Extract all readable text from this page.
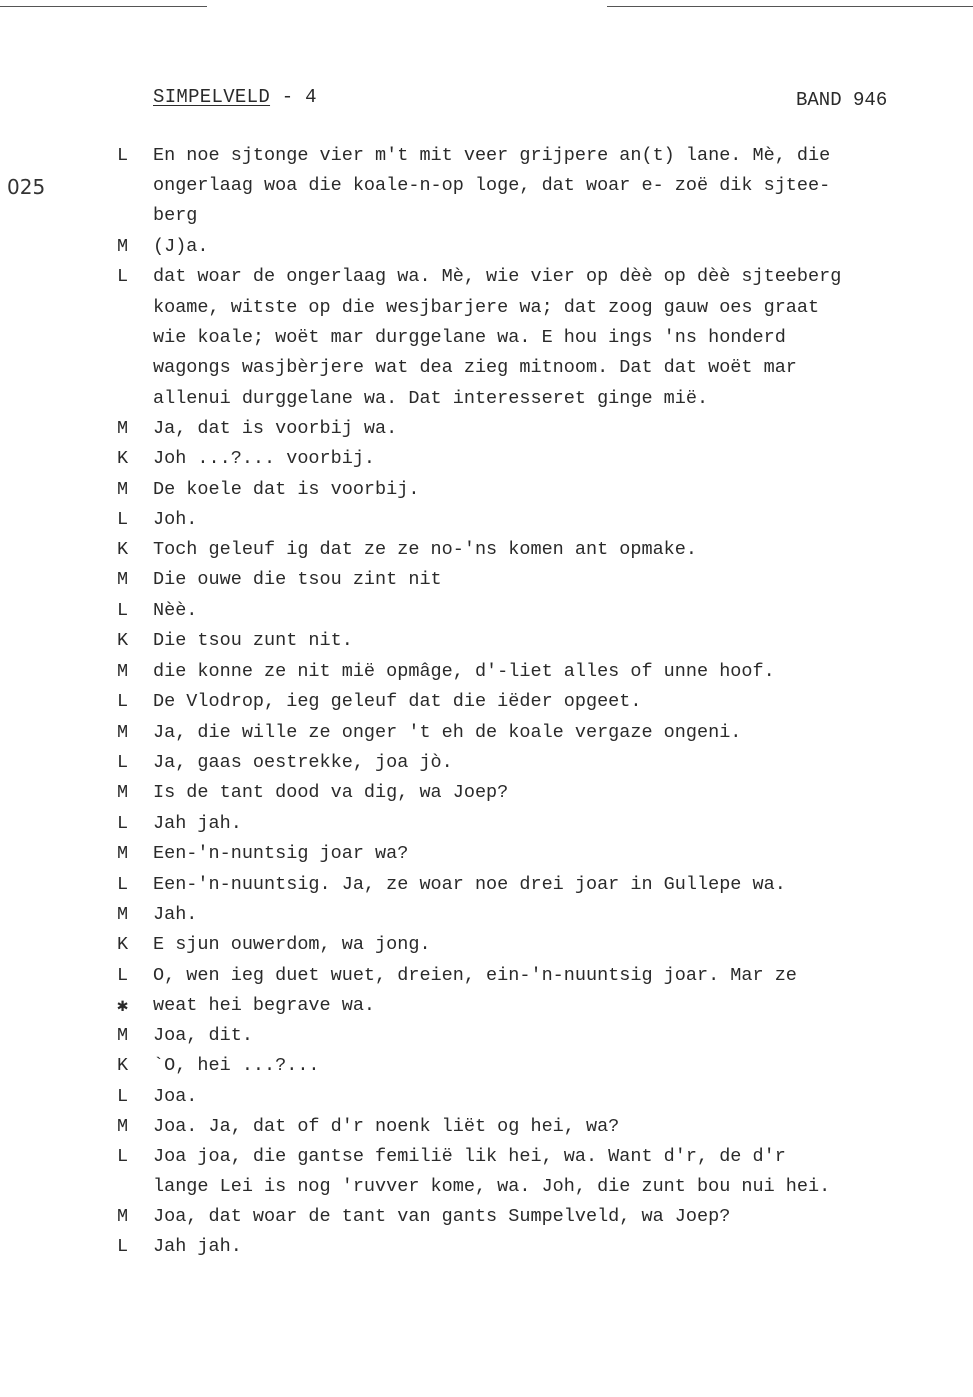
SIMPELVELD - 4	BAND 946
025
L	En noe sjtonge vier m't mit veer grijpere an(t) lane. Mè, die
ongerlaag woa die koale-n-op loge, dat woar e- zoë dik sjtee-
berg
M	(J)a.
L	dat woar de ongerlaag wa. Mè, wie vier op dèè op dèè sjteeberg
koame, witste op die wesjbarjere wa; dat zoog gauw oes graat
wie koale; woët mar durggelane wa. E hou ings 'ns honderd
wagongs wasjbèrjere wat dea zieg mitnoom. Dat dat woët mar
allenui durggelane wa. Dat interesseret ginge mië.
M	Ja, dat is voorbij wa.
K	Joh ...?... voorbij.
M	De koele dat is voorbij.
L	Joh.
K	Toch geleuf ig dat ze ze no-'ns komen ant opmake.
M	Die ouwe die tsou zint nit
L	Nèè.
K	Die tsou zunt nit.
M	die konne ze nit mië opmâge, d'-liet alles of unne hoof.
L	De Vlodrop, ieg geleuf dat die iëder opgeet.
M	Ja, die wille ze onger 't eh de koale vergaze ongeni.
L	Ja, gaas oestrekke, joa jò.
M	Is de tant dood va dig, wa Joep?
L	Jah jah.
M	Een-'n-nuntsig joar wa?
L	Een-'n-nuuntsig. Ja, ze woar noe drei joar in Gullepe wa.
M	Jah.
K	E sjun ouwerdom, wa jong.
L	O, wen ieg duet wuet, dreien, ein-'n-nuuntsig joar. Mar ze
✱	weat hei begrave wa.
M	Joa, dit.
K	`O, hei ...?...
L	Joa.
M	Joa. Ja, dat of d'r noenk liët og hei, wa?
L	Joa joa, die gantse femilië lik hei, wa. Want d'r, de d'r
lange Lei is nog 'ruvver kome, wa. Joh, die zunt bou nui hei.
M	Joa, dat woar de tant van gants Sumpelveld, wa Joep?
L	Jah jah.
